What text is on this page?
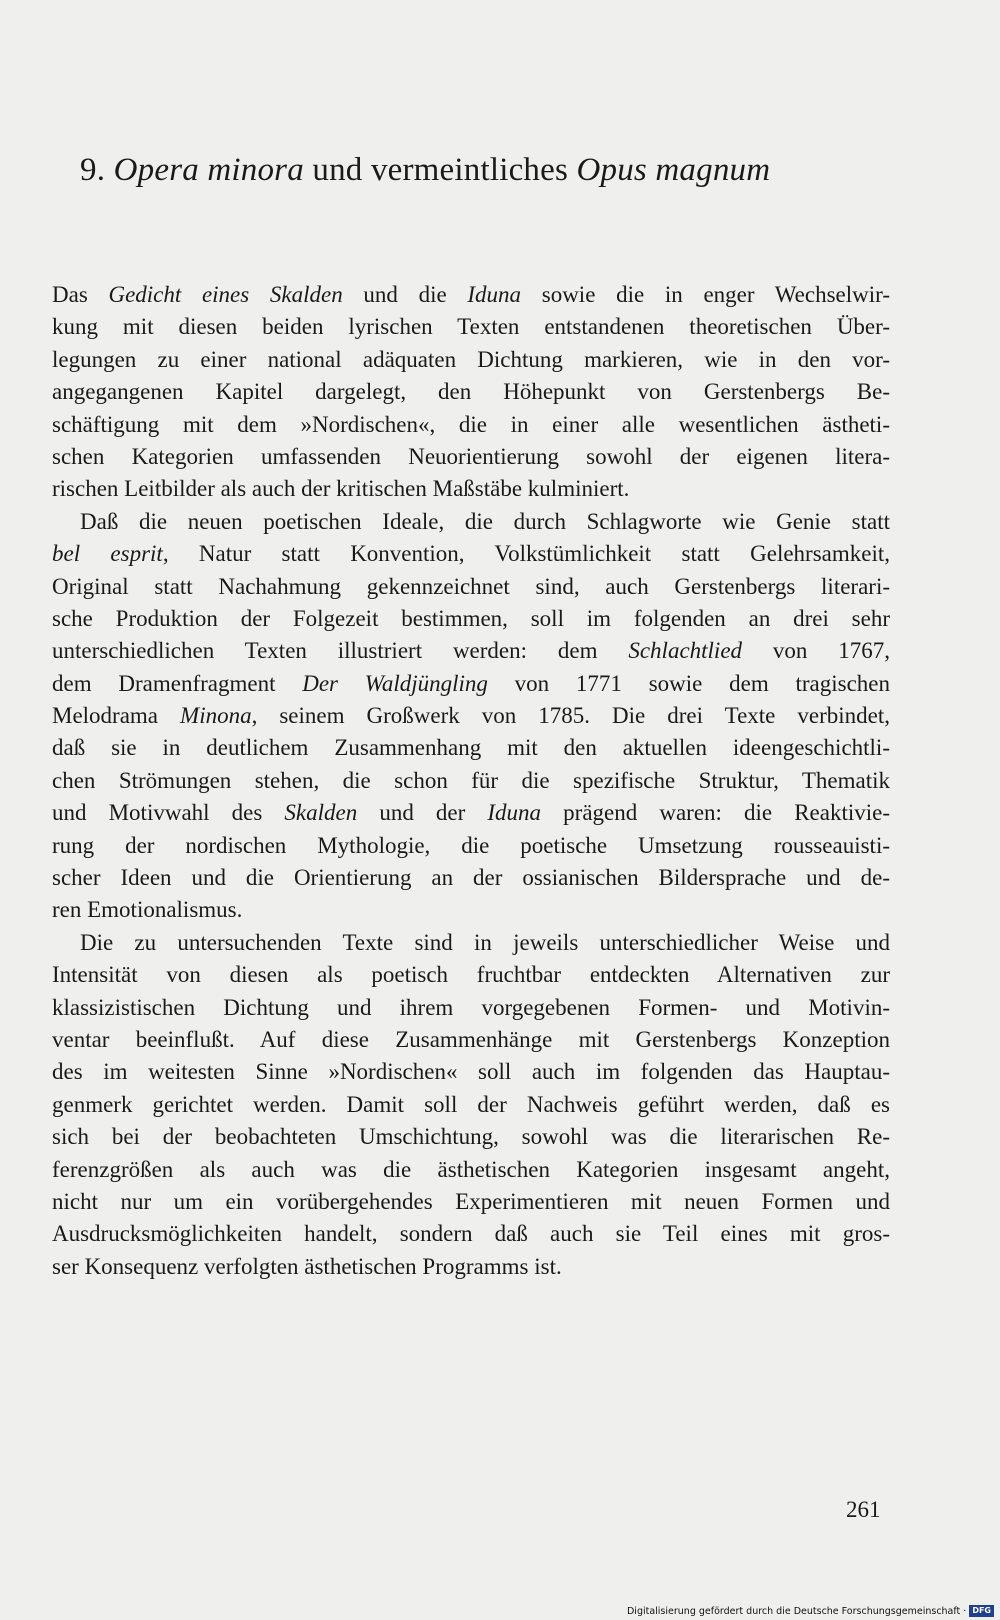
9. Opera minora und vermeintliches Opus magnum
Das Gedicht eines Skalden und die Iduna sowie die in enger Wechselwir-
kung mit diesen beiden lyrischen Texten entstandenen theoretischen Über-
legungen zu einer national adäquaten Dichtung markieren, wie in den vor-
angegangenen Kapitel dargelegt, den Höhepunkt von Gerstenbergs Be-
schäftigung mit dem »Nordischen«, die in einer alle wesentlichen ästheti-
schen Kategorien umfassenden Neuorientierung sowohl der eigenen litera-
rischen Leitbilder als auch der kritischen Maßstäbe kulminiert.
Daß die neuen poetischen Ideale, die durch Schlagworte wie Genie statt
bel esprit, Natur statt Konvention, Volkstümlichkeit statt Gelehrsamkeit,
Original statt Nachahmung gekennzeichnet sind, auch Gerstenbergs literari-
sche Produktion der Folgezeit bestimmen, soll im folgenden an drei sehr
unterschiedlichen Texten illustriert werden: dem Schlachtlied von 1767,
dem Dramenfragment Der Waldjüngling von 1771 sowie dem tragischen
Melodrama Minona, seinem Großwerk von 1785. Die drei Texte verbindet,
daß sie in deutlichem Zusammenhang mit den aktuellen ideengeschichtli-
chen Strömungen stehen, die schon für die spezifische Struktur, Thematik
und Motivwahl des Skalden und der Iduna prägend waren: die Reaktivie-
rung der nordischen Mythologie, die poetische Umsetzung rousseauisti-
scher Ideen und die Orientierung an der ossianischen Bildersprache und de-
ren Emotionalismus.
Die zu untersuchenden Texte sind in jeweils unterschiedlicher Weise und
Intensität von diesen als poetisch fruchtbar entdeckten Alternativen zur
klassizistischen Dichtung und ihrem vorgegebenen Formen- und Motivin-
ventar beeinflußt. Auf diese Zusammenhänge mit Gerstenbergs Konzeption
des im weitesten Sinne »Nordischen« soll auch im folgenden das Hauptau-
genmerk gerichtet werden. Damit soll der Nachweis geführt werden, daß es
sich bei der beobachteten Umschichtung, sowohl was die literarischen Re-
ferenzgrößen als auch was die ästhetischen Kategorien insgesamt angeht,
nicht nur um ein vorübergehendes Experimentieren mit neuen Formen und
Ausdrucksmöglichkeiten handelt, sondern daß auch sie Teil eines mit gros-
ser Konsequenz verfolgten ästhetischen Programms ist.
261
Digitalisierung gefördert durch die Deutsche Forschungsgemeinschaft · DFG
